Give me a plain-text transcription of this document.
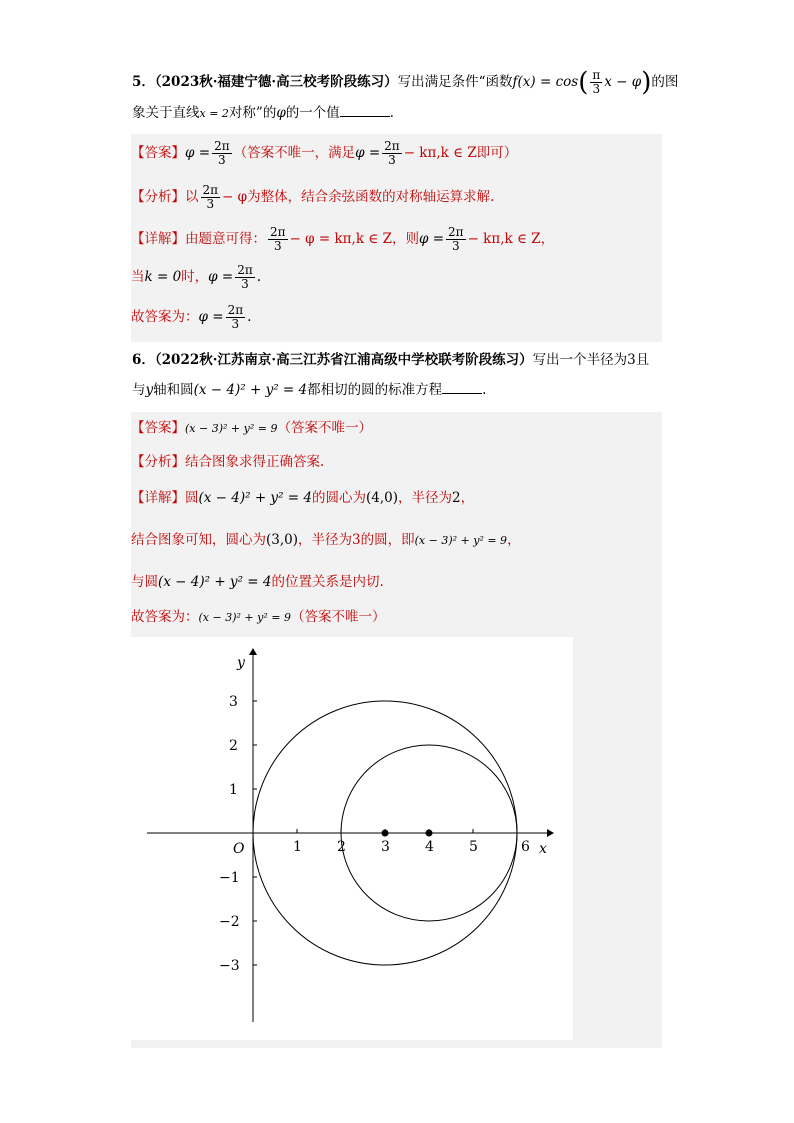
5．（2023秋·福建宁德·高三校考阶段练习）写出满足条件“函数$f(x) = \cos( \frac{\pi}{3}$ x − φ)的图
象关于直线x = 2对称”的φ的一个值	．
【答案】$\varphi = \frac{2\pi}{3}$ （答案不唯一，满足$\varphi = \frac{2\pi}{3} - k\pi,k$ ∈ Z即可）
【分析】以 $\frac{2\pi}{3} - \varphi$为整体，结合余弦函数的对称轴运算求解.
【详解】由题意可得： $\frac{2\pi}{3} - \varphi = k\pi,k$ ∈ Z，则$\varphi = \frac{2\pi}{3} - k\pi,k$ ∈ Z，
当k = 0时，$\varphi = \frac{2\pi}{3}$ .
故答案为：$\varphi = \frac{2\pi}{3}$ .
6．（2022秋·江苏南京·高三江苏省江浦高级中学校联考阶段练习）写出一个半径为3且
与y轴和圆(x − 4)² + y² = 4都相切的圆的标准方程	.
【答案】(x − 3)² + y² = 9（答案不唯一）
【分析】结合图象求得正确答案.
【详解】圆(x − 4)² + y² = 4的圆心为(4,0)，半径为2，
结合图象可知，圆心为(3,0)，半径为3的圆，即(x − 3)² + y² = 9，
与圆(x − 4)² + y² = 4的位置关系是内切.
故答案为：(x − 3)² + y² = 9（答案不唯一）
x
y
O	1	2	3	4	5	6
1
2
3
−1
−2
−3
